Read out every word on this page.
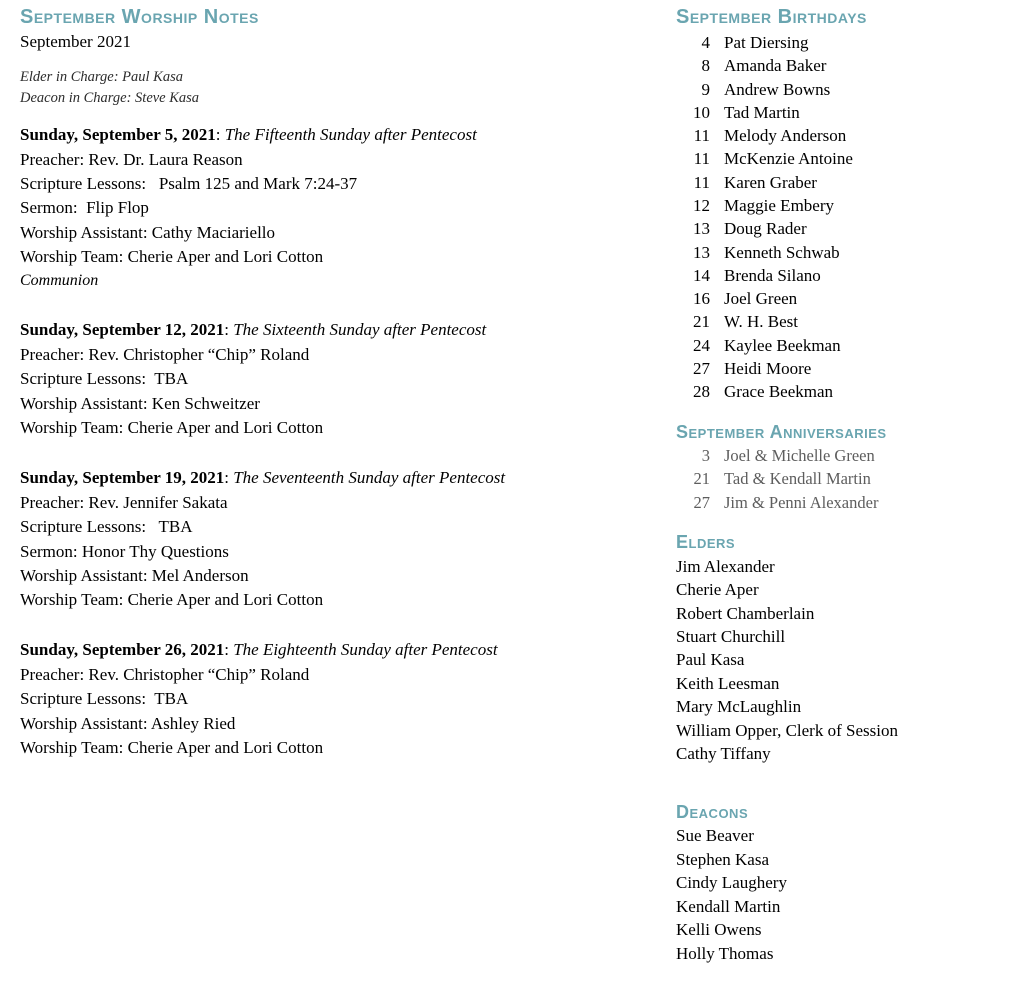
September Worship Notes
September 2021
Elder in Charge: Paul Kasa
Deacon in Charge: Steve Kasa
Sunday, September 5, 2021: The Fifteenth Sunday after Pentecost
Preacher: Rev. Dr. Laura Reason
Scripture Lessons:   Psalm 125 and Mark 7:24-37
Sermon:  Flip Flop
Worship Assistant: Cathy Maciariello
Worship Team: Cherie Aper and Lori Cotton
Communion
Sunday, September 12, 2021: The Sixteenth Sunday after Pentecost
Preacher: Rev. Christopher “Chip” Roland
Scripture Lessons:  TBA
Worship Assistant: Ken Schweitzer
Worship Team: Cherie Aper and Lori Cotton
Sunday, September 19, 2021: The Seventeenth Sunday after Pentecost
Preacher: Rev. Jennifer Sakata
Scripture Lessons:   TBA
Sermon: Honor Thy Questions
Worship Assistant: Mel Anderson
Worship Team: Cherie Aper and Lori Cotton
Sunday, September 26, 2021: The Eighteenth Sunday after Pentecost
Preacher: Rev. Christopher “Chip” Roland
Scripture Lessons:  TBA
Worship Assistant: Ashley Ried
Worship Team: Cherie Aper and Lori Cotton
September Birthdays
4 Pat Diersing
8 Amanda Baker
9 Andrew Bowns
10 Tad Martin
11 Melody Anderson
11 McKenzie Antoine
11 Karen Graber
12 Maggie Embery
13 Doug Rader
13 Kenneth Schwab
14 Brenda Silano
16 Joel Green
21 W. H. Best
24 Kaylee Beekman
27 Heidi Moore
28 Grace Beekman
September Anniversaries
3 Joel & Michelle Green
21 Tad & Kendall Martin
27 Jim & Penni Alexander
Elders
Jim Alexander
Cherie Aper
Robert Chamberlain
Stuart Churchill
Paul Kasa
Keith Leesman
Mary McLaughlin
William Opper, Clerk of Session
Cathy Tiffany
Deacons
Sue Beaver
Stephen Kasa
Cindy Laughery
Kendall Martin
Kelli Owens
Holly Thomas
